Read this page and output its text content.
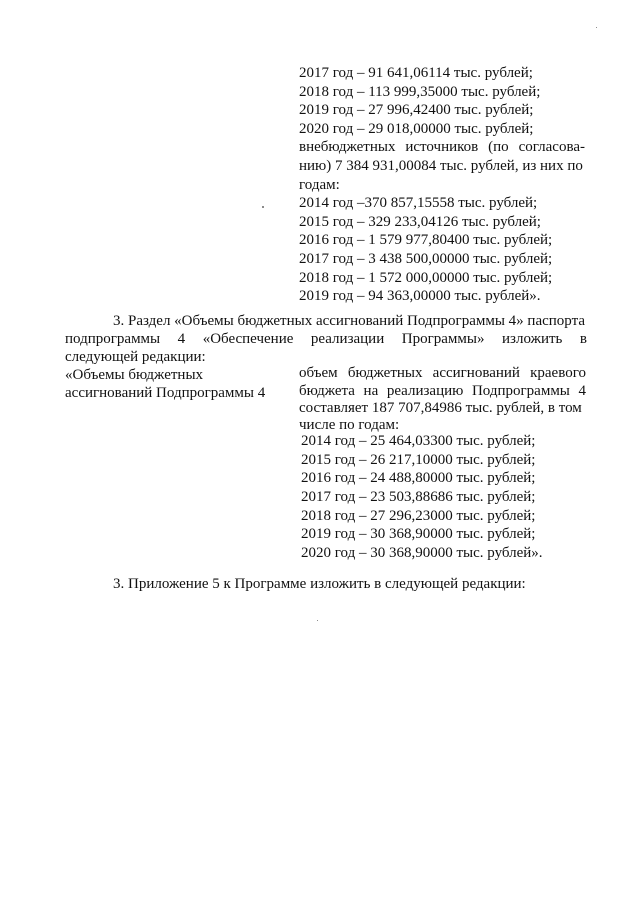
2017 год – 91 641,06114 тыс. рублей;
2018 год – 113 999,35000 тыс. рублей;
2019 год – 27 996,42400 тыс. рублей;
2020 год – 29 018,00000 тыс. рублей;
внебюджетных источников (по согласова-
нию) 7 384 931,00084 тыс. рублей, из них по
годам:
2014 год –370 857,15558 тыс. рублей;
2015 год – 329 233,04126 тыс. рублей;
2016 год – 1 579 977,80400 тыс. рублей;
2017 год – 3 438 500,00000 тыс. рублей;
2018 год – 1 572 000,00000 тыс. рублей;
2019 год – 94 363,00000 тыс. рублей».
3. Раздел «Объемы бюджетных ассигнований Подпрограммы 4» паспорта
подпрограммы 4 «Обеспечение реализации Программы» изложить в
следующей редакции:
«Объемы бюджетных
ассигнований Подпрограммы 4
объем бюджетных ассигнований краевого
бюджета на реализацию Подпрограммы 4
составляет 187 707,84986 тыс. рублей, в том
числе по годам:
2014 год – 25 464,03300 тыс. рублей;
2015 год – 26 217,10000 тыс. рублей;
2016 год – 24 488,80000 тыс. рублей;
2017 год – 23 503,88686 тыс. рублей;
2018 год – 27 296,23000 тыс. рублей;
2019 год – 30 368,90000 тыс. рублей;
2020 год – 30 368,90000 тыс. рублей».
3. Приложение 5 к Программе изложить в следующей редакции:
